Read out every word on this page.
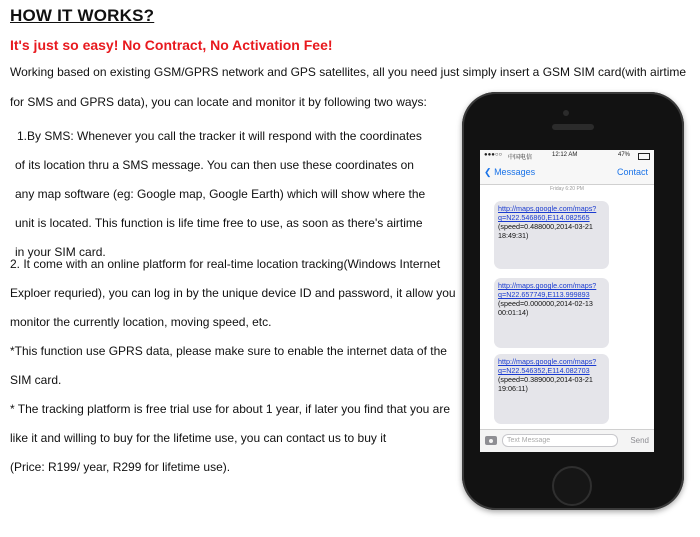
HOW IT WORKS?
It's just so easy! No Contract, No Activation Fee!
Working based on existing GSM/GPRS network and GPS satellites, all you need just simply insert a GSM SIM card(with airtime
for SMS and GPRS data), you can locate and monitor it by following two ways:
1.By SMS: Whenever you call the tracker it will respond with the coordinates
of its location thru a SMS message. You can then use these coordinates on
any map software (eg: Google map, Google Earth) which will show where the
unit is located. This function is life time free to use, as soon as there's airtime
in your SIM card.
2. It come with an online platform for real-time location tracking(Windows Internet
Exploer requried), you can log in by the unique device ID and password, it allow you
monitor the currently location, moving speed, etc.
*This function use GPRS data, please make sure to enable the internet data of the
SIM card.
* The tracking platform is free trial use for about 1 year, if later you find that you are
like it and willing to buy for the lifetime use, you can contact us to buy it
(Price: R199/ year, R299 for lifetime use).
●●●○○ 中国电信	12:12 AM	47%
❮ Messages	Contact
Friday 6:20 PM
http://maps.google.com/maps?q=N22.546860,E114.082565
(speed=0.488000,2014-03-21 18:49:31)
http://maps.google.com/maps?q=N22.657749,E113.999893
(speed=0.000000,2014-02-13 00:01:14)
http://maps.google.com/maps?q=N22.546352,E114.082703
(speed=0.389000,2014-03-21 19:06:11)
Text Message	Send
